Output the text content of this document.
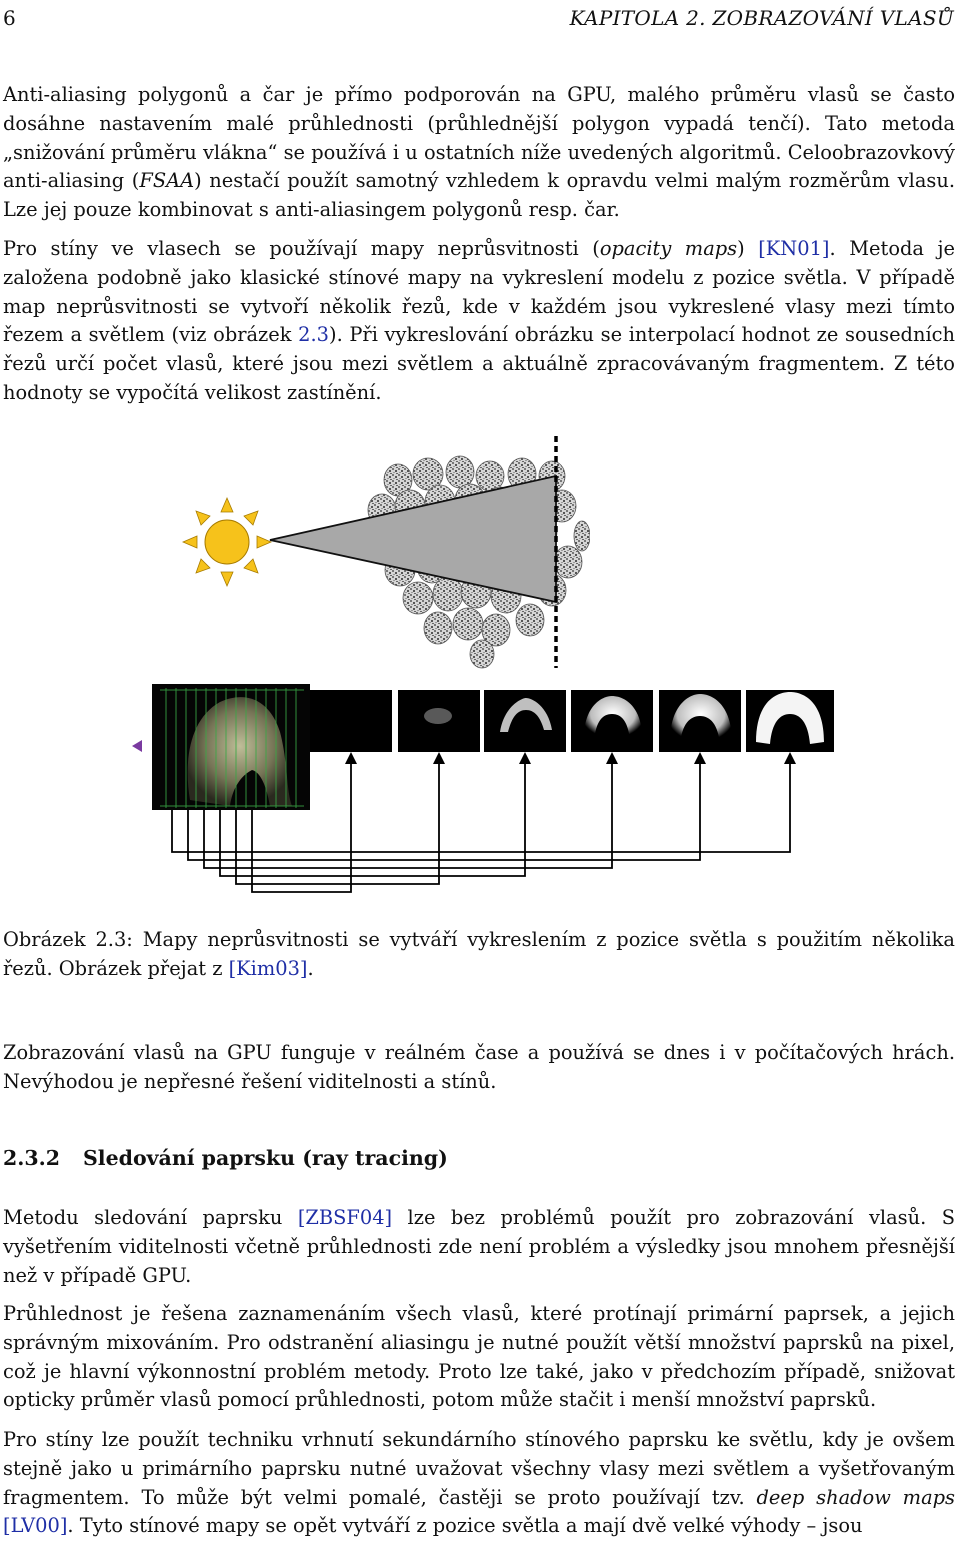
6	KAPITOLA 2. ZOBRAZOVÁNÍ VLASŮ

Anti-aliasing polygonů a čar je přímo podporován na GPU, malého průměru vlasů se často dosáhne nastavením malé průhlednosti (průhlednější polygon vypadá tenčí). Tato metoda „snižování průměru vlákna“ se používá i u ostatních níže uvedených algoritmů. Celoobrazovkový anti-aliasing (FSAA) nestačí použít samotný vzhledem k opravdu velmi malým rozměrům vlasu. Lze jej pouze kombinovat s anti-aliasingem polygonů resp. čar.

Pro stíny ve vlasech se používají mapy neprůsvitnosti (opacity maps) [KN01]. Metoda je založena podobně jako klasické stínové mapy na vykreslení modelu z pozice světla. V případě map neprůsvitnosti se vytvoří několik řezů, kde v každém jsou vykreslené vlasy mezi tímto řezem a světlem (viz obrázek 2.3). Při vykreslování obrázku se interpolací hodnot ze sousedních řezů určí počet vlasů, které jsou mezi světlem a aktuálně zpracovávaným fragmentem. Z této hodnoty se vypočítá velikost zastínění.

Obrázek 2.3: Mapy neprůsvitnosti se vytváří vykreslením z pozice světla s použitím několika řezů. Obrázek přejat z [Kim03].

Zobrazování vlasů na GPU funguje v reálném čase a používá se dnes i v počítačových hrách. Nevýhodou je nepřesné řešení viditelnosti a stínů.

2.3.2 Sledování paprsku (ray tracing)

Metodu sledování paprsku [ZBSF04] lze bez problémů použít pro zobrazování vlasů. S vyšetřením viditelnosti včetně průhlednosti zde není problém a výsledky jsou mnohem přesnější než v případě GPU.

Průhlednost je řešena zaznamenáním všech vlasů, které protínají primární paprsek, a jejich správným mixováním. Pro odstranění aliasingu je nutné použít větší množství paprsků na pixel, což je hlavní výkonnostní problém metody. Proto lze také, jako v předchozím případě, snižovat opticky průměr vlasů pomocí průhlednosti, potom může stačit i menší množství paprsků.

Pro stíny lze použít techniku vrhnutí sekundárního stínového paprsku ke světlu, kdy je ovšem stejně jako u primárního paprsku nutné uvažovat všechny vlasy mezi světlem a vyšetřovaným fragmentem. To může být velmi pomalé, častěji se proto používají tzv. deep shadow maps [LV00]. Tyto stínové mapy se opět vytváří z pozice světla a mají dvě velké výhody – jsou
